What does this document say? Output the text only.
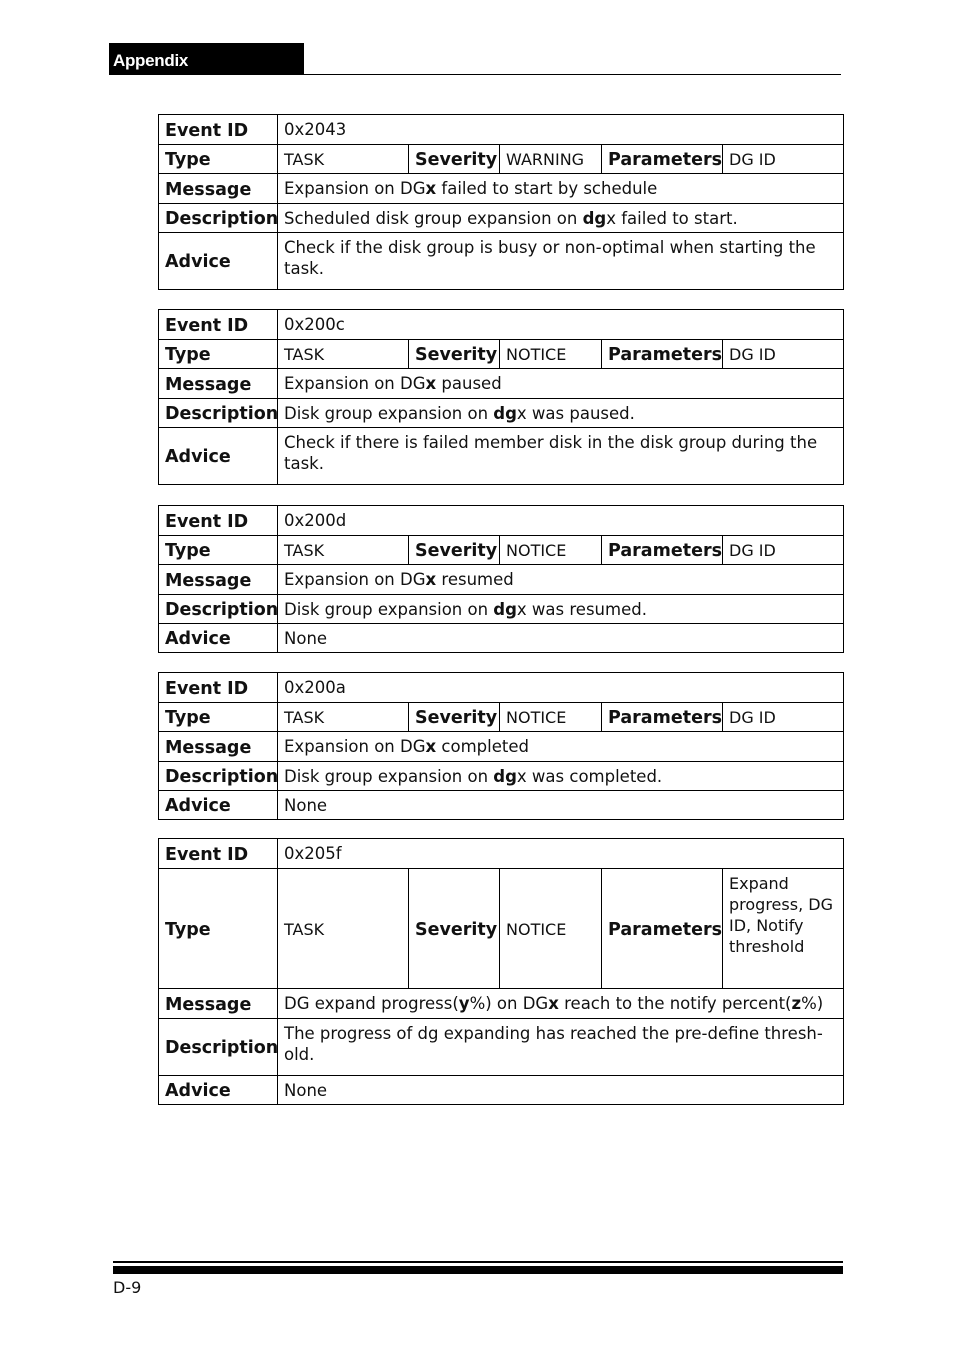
Appendix
Event ID	0x2043				
Type	TASK	Severity	WARNING	Parameters	DG ID
Message	Expansion on DGx failed to start by schedule				
Description	Scheduled disk group expansion on dgx failed to start.				
Advice	Check if the disk group is busy or non-optimal when starting the task.				
Event ID	0x200c				
Type	TASK	Severity	NOTICE	Parameters	DG ID
Message	Expansion on DGx paused				
Description	Disk group expansion on dgx was paused.				
Advice	Check if there is failed member disk in the disk group during the task.				
Event ID	0x200d				
Type	TASK	Severity	NOTICE	Parameters	DG ID
Message	Expansion on DGx resumed				
Description	Disk group expansion on dgx was resumed.				
Advice	None				
Event ID	0x200a				
Type	TASK	Severity	NOTICE	Parameters	DG ID
Message	Expansion on DGx completed				
Description	Disk group expansion on dgx was completed.				
Advice	None				
Event ID	0x205f				
Type	TASK	Severity	NOTICE	Parameters	Expand progress, DG ID, Notify threshold
Message	DG expand progress(y%) on DGx reach to the notify percent(z%)				
Description	The progress of dg expanding has reached the pre-define thresh-old.				
Advice	None				
D-9
